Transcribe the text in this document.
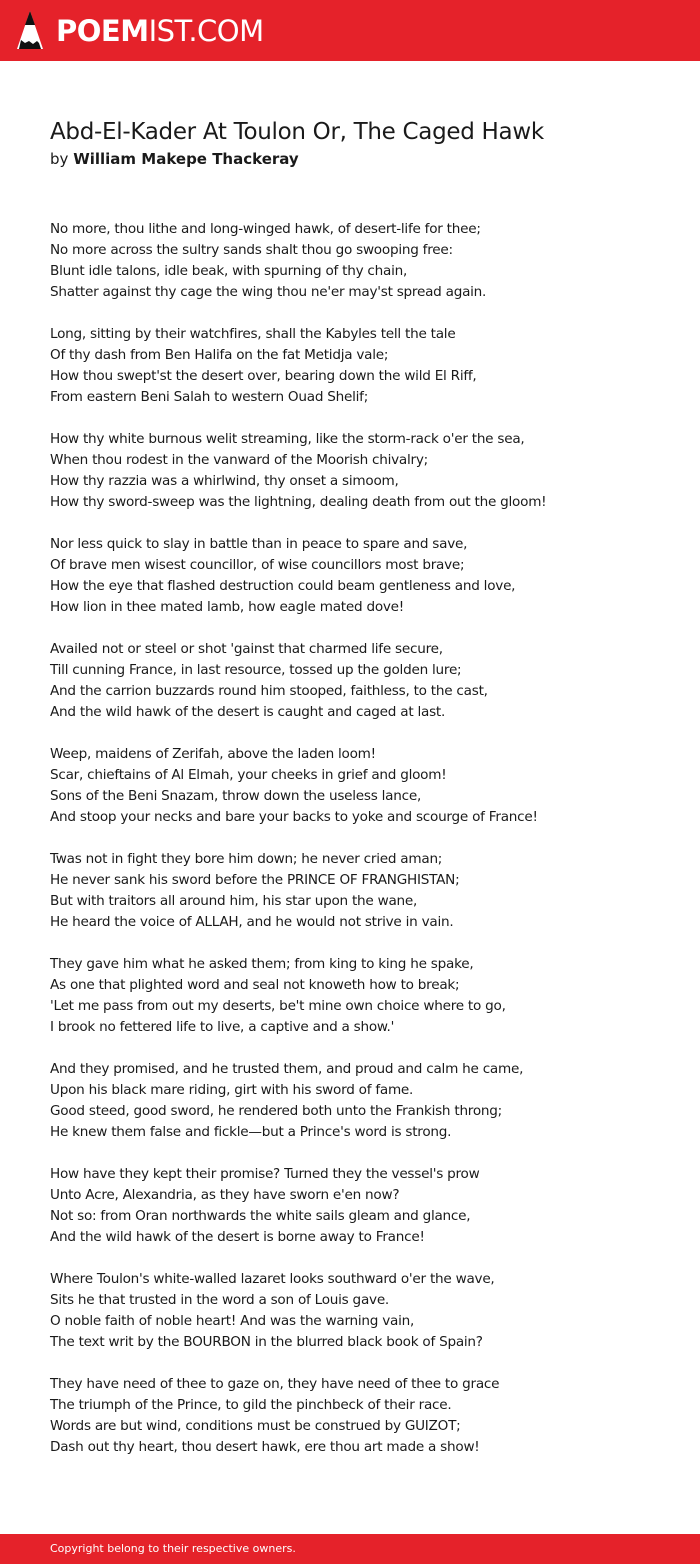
POEMIST.COM
Abd-El-Kader At Toulon Or, The Caged Hawk
by William Makepe Thackeray
No more, thou lithe and long-winged hawk, of desert-life for thee;
No more across the sultry sands shalt thou go swooping free:
Blunt idle talons, idle beak, with spurning of thy chain,
Shatter against thy cage the wing thou ne'er may'st spread again.
Long, sitting by their watchfires, shall the Kabyles tell the tale
Of thy dash from Ben Halifa on the fat Metidja vale;
How thou swept'st the desert over, bearing down the wild El Riff,
From eastern Beni Salah to western Ouad Shelif;
How thy white burnous welit streaming, like the storm-rack o'er the sea,
When thou rodest in the vanward of the Moorish chivalry;
How thy razzia was a whirlwind, thy onset a simoom,
How thy sword-sweep was the lightning, dealing death from out the gloom!
Nor less quick to slay in battle than in peace to spare and save,
Of brave men wisest councillor, of wise councillors most brave;
How the eye that flashed destruction could beam gentleness and love,
How lion in thee mated lamb, how eagle mated dove!
Availed not or steel or shot 'gainst that charmed life secure,
Till cunning France, in last resource, tossed up the golden lure;
And the carrion buzzards round him stooped, faithless, to the cast,
And the wild hawk of the desert is caught and caged at last.
Weep, maidens of Zerifah, above the laden loom!
Scar, chieftains of Al Elmah, your cheeks in grief and gloom!
Sons of the Beni Snazam, throw down the useless lance,
And stoop your necks and bare your backs to yoke and scourge of France!
Twas not in fight they bore him down; he never cried aman;
He never sank his sword before the PRINCE OF FRANGHISTAN;
But with traitors all around him, his star upon the wane,
He heard the voice of ALLAH, and he would not strive in vain.
They gave him what he asked them; from king to king he spake,
As one that plighted word and seal not knoweth how to break;
'Let me pass from out my deserts, be't mine own choice where to go,
I brook no fettered life to live, a captive and a show.'
And they promised, and he trusted them, and proud and calm he came,
Upon his black mare riding, girt with his sword of fame.
Good steed, good sword, he rendered both unto the Frankish throng;
He knew them false and fickle—but a Prince's word is strong.
How have they kept their promise? Turned they the vessel's prow
Unto Acre, Alexandria, as they have sworn e'en now?
Not so: from Oran northwards the white sails gleam and glance,
And the wild hawk of the desert is borne away to France!
Where Toulon's white-walled lazaret looks southward o'er the wave,
Sits he that trusted in the word a son of Louis gave.
O noble faith of noble heart! And was the warning vain,
The text writ by the BOURBON in the blurred black book of Spain?
They have need of thee to gaze on, they have need of thee to grace
The triumph of the Prince, to gild the pinchbeck of their race.
Words are but wind, conditions must be construed by GUIZOT;
Dash out thy heart, thou desert hawk, ere thou art made a show!
Copyright belong to their respective owners.
